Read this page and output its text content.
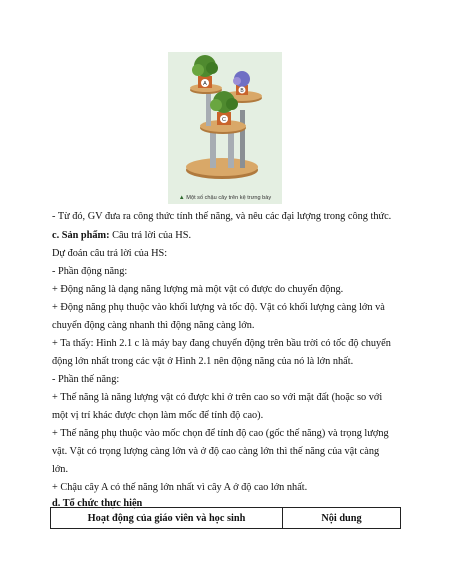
A
B
C
▲ Một số chậu cây trên kệ trưng bày
- Từ đó, GV đưa ra công thức tính thế năng, và nêu các đại lượng trong công thức.
c. Sản phẩm: Câu trả lời của HS.
Dự đoán câu trả lời của HS:
- Phần động năng:
+ Động năng là dạng năng lượng mà một vật có được do chuyển động.
+ Động năng phụ thuộc vào khối lượng và tốc độ. Vật có khối lượng càng lớn và
chuyển động càng nhanh thì động năng càng lớn.
+ Ta thấy: Hình 2.1 c là máy bay đang chuyển động trên bầu trời có tốc độ chuyển
động lớn nhất trong các vật ở Hình 2.1 nên động năng của nó là lớn nhất.
- Phần thế năng:
+ Thế năng là năng lượng vật có được khi ở trên cao so với mặt đất (hoặc so với
một vị trí khác được chọn làm mốc để tính độ cao).
+ Thế năng phụ thuộc vào mốc chọn để tính độ cao (gốc thế năng) và trọng lượng
vật. Vật có trọng lượng càng lớn và ở độ cao càng lớn thì thế năng của vật càng
lớn.
+ Chậu cây A có thế năng lớn nhất vì cây A ở độ cao lớn nhất.
d. Tổ chức thực hiện
Hoạt động của giáo viên và học sinh	Nội dung
